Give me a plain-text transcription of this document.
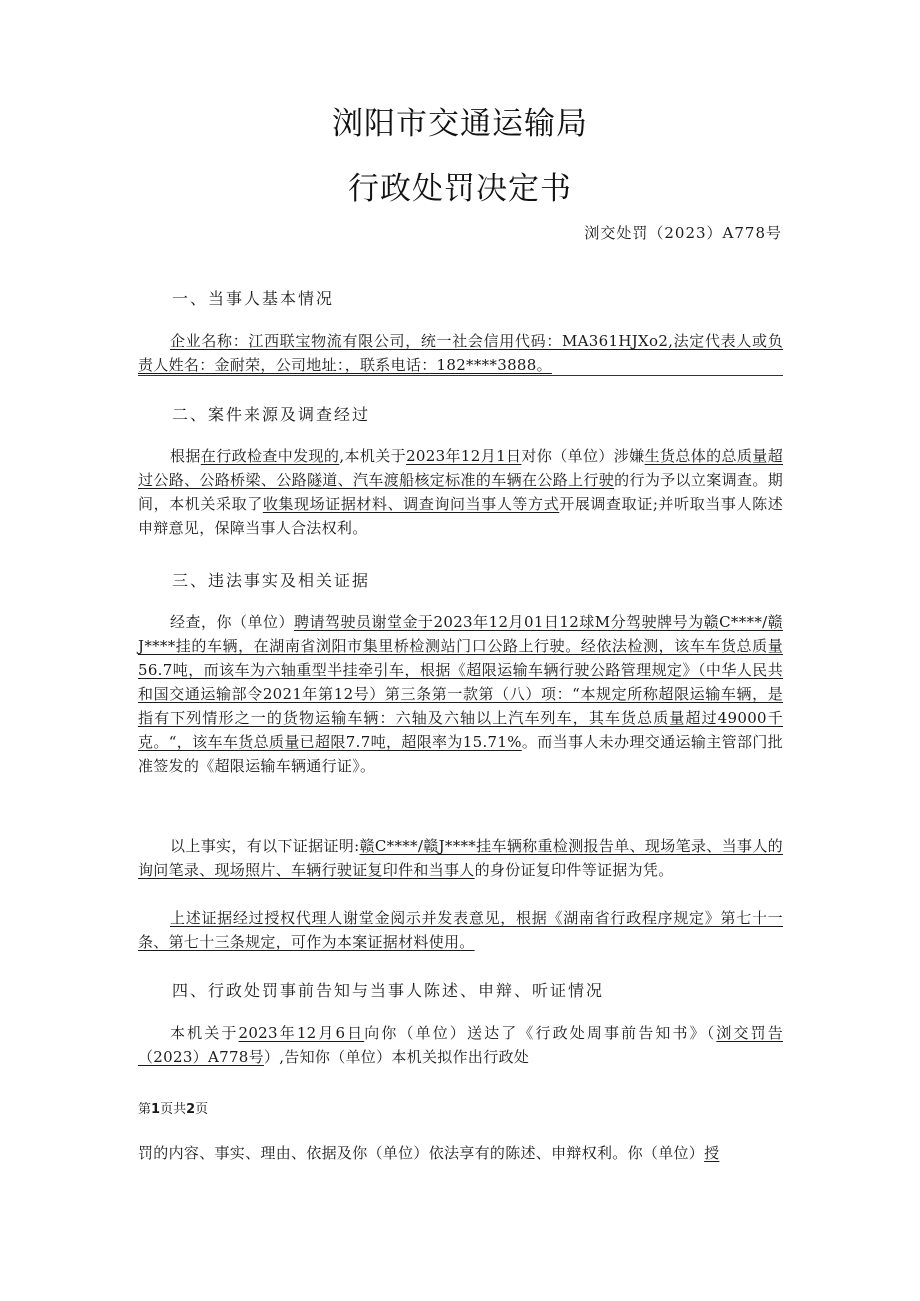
浏阳市交通运输局
行政处罚决定书
浏交处罚（2023）A778号
一、当事人基本情况

企业名称：江西联宝物流有限公司，统一社会信用代码：MA361HJXo2,法定代表人或负责人姓名：金耐荣，公司地址：，联系电话：182****3888。

二、案件来源及调查经过

根据在行政检查中发现的,本机关于2023年12月1日对你（单位）涉嫌生货总体的总质量超过公路、公路桥梁、公路隧道、汽车渡船核定标准的车辆在公路上行驶的行为予以立案调查。期间，本机关采取了收集现场证据材料、调查询问当事人等方式开展调查取证;并听取当事人陈述申辩意见，保障当事人合法权利。

三、违法事实及相关证据

经查，你（单位）聘请驾驶员谢堂金于2023年12月01日12球M分驾驶牌号为赣C****/赣J****挂的车辆，在湖南省浏阳市集里桥检测站门口公路上行驶。经依法检测，该车车货总质量56.7吨，而该车为六轴重型半挂牵引车，根据《超限运输车辆行驶公路管理规定》（中华人民共和国交通运输部令2021年第12号）第三条第一款第（八）项：“本规定所称超限运输车辆，是指有下列情形之一的货物运输车辆：六轴及六轴以上汽车列车，其车货总质量超过49000千克。“，该车车货总质量已超限7.7吨，超限率为15.71%。而当事人未办理交通运输主管部门批准签发的《超限运输车辆通行证》。

以上事实，有以下证据证明:赣C****/赣J****挂车辆称重检测报告单、现场笔录、当事人的询问笔录、现场照片、车辆行驶证复印件和当事人的身份证复印件等证据为凭。

上述证据经过授权代理人谢堂金阅示并发表意见，根据《湖南省行政程序规定》第七十一条、第七十三条规定，可作为本案证据材料使用。

四、行政处罚事前告知与当事人陈述、申辩、听证情况

本机关于2023年12月6日向你（单位）送达了《行政处周事前告知书》（浏交罚告（2023）A778号）,告知你（单位）本机关拟作出行政处

第1页共2页

罚的内容、事实、理由、依据及你（单位）依法享有的陈述、申辩权利。你（单位）授
